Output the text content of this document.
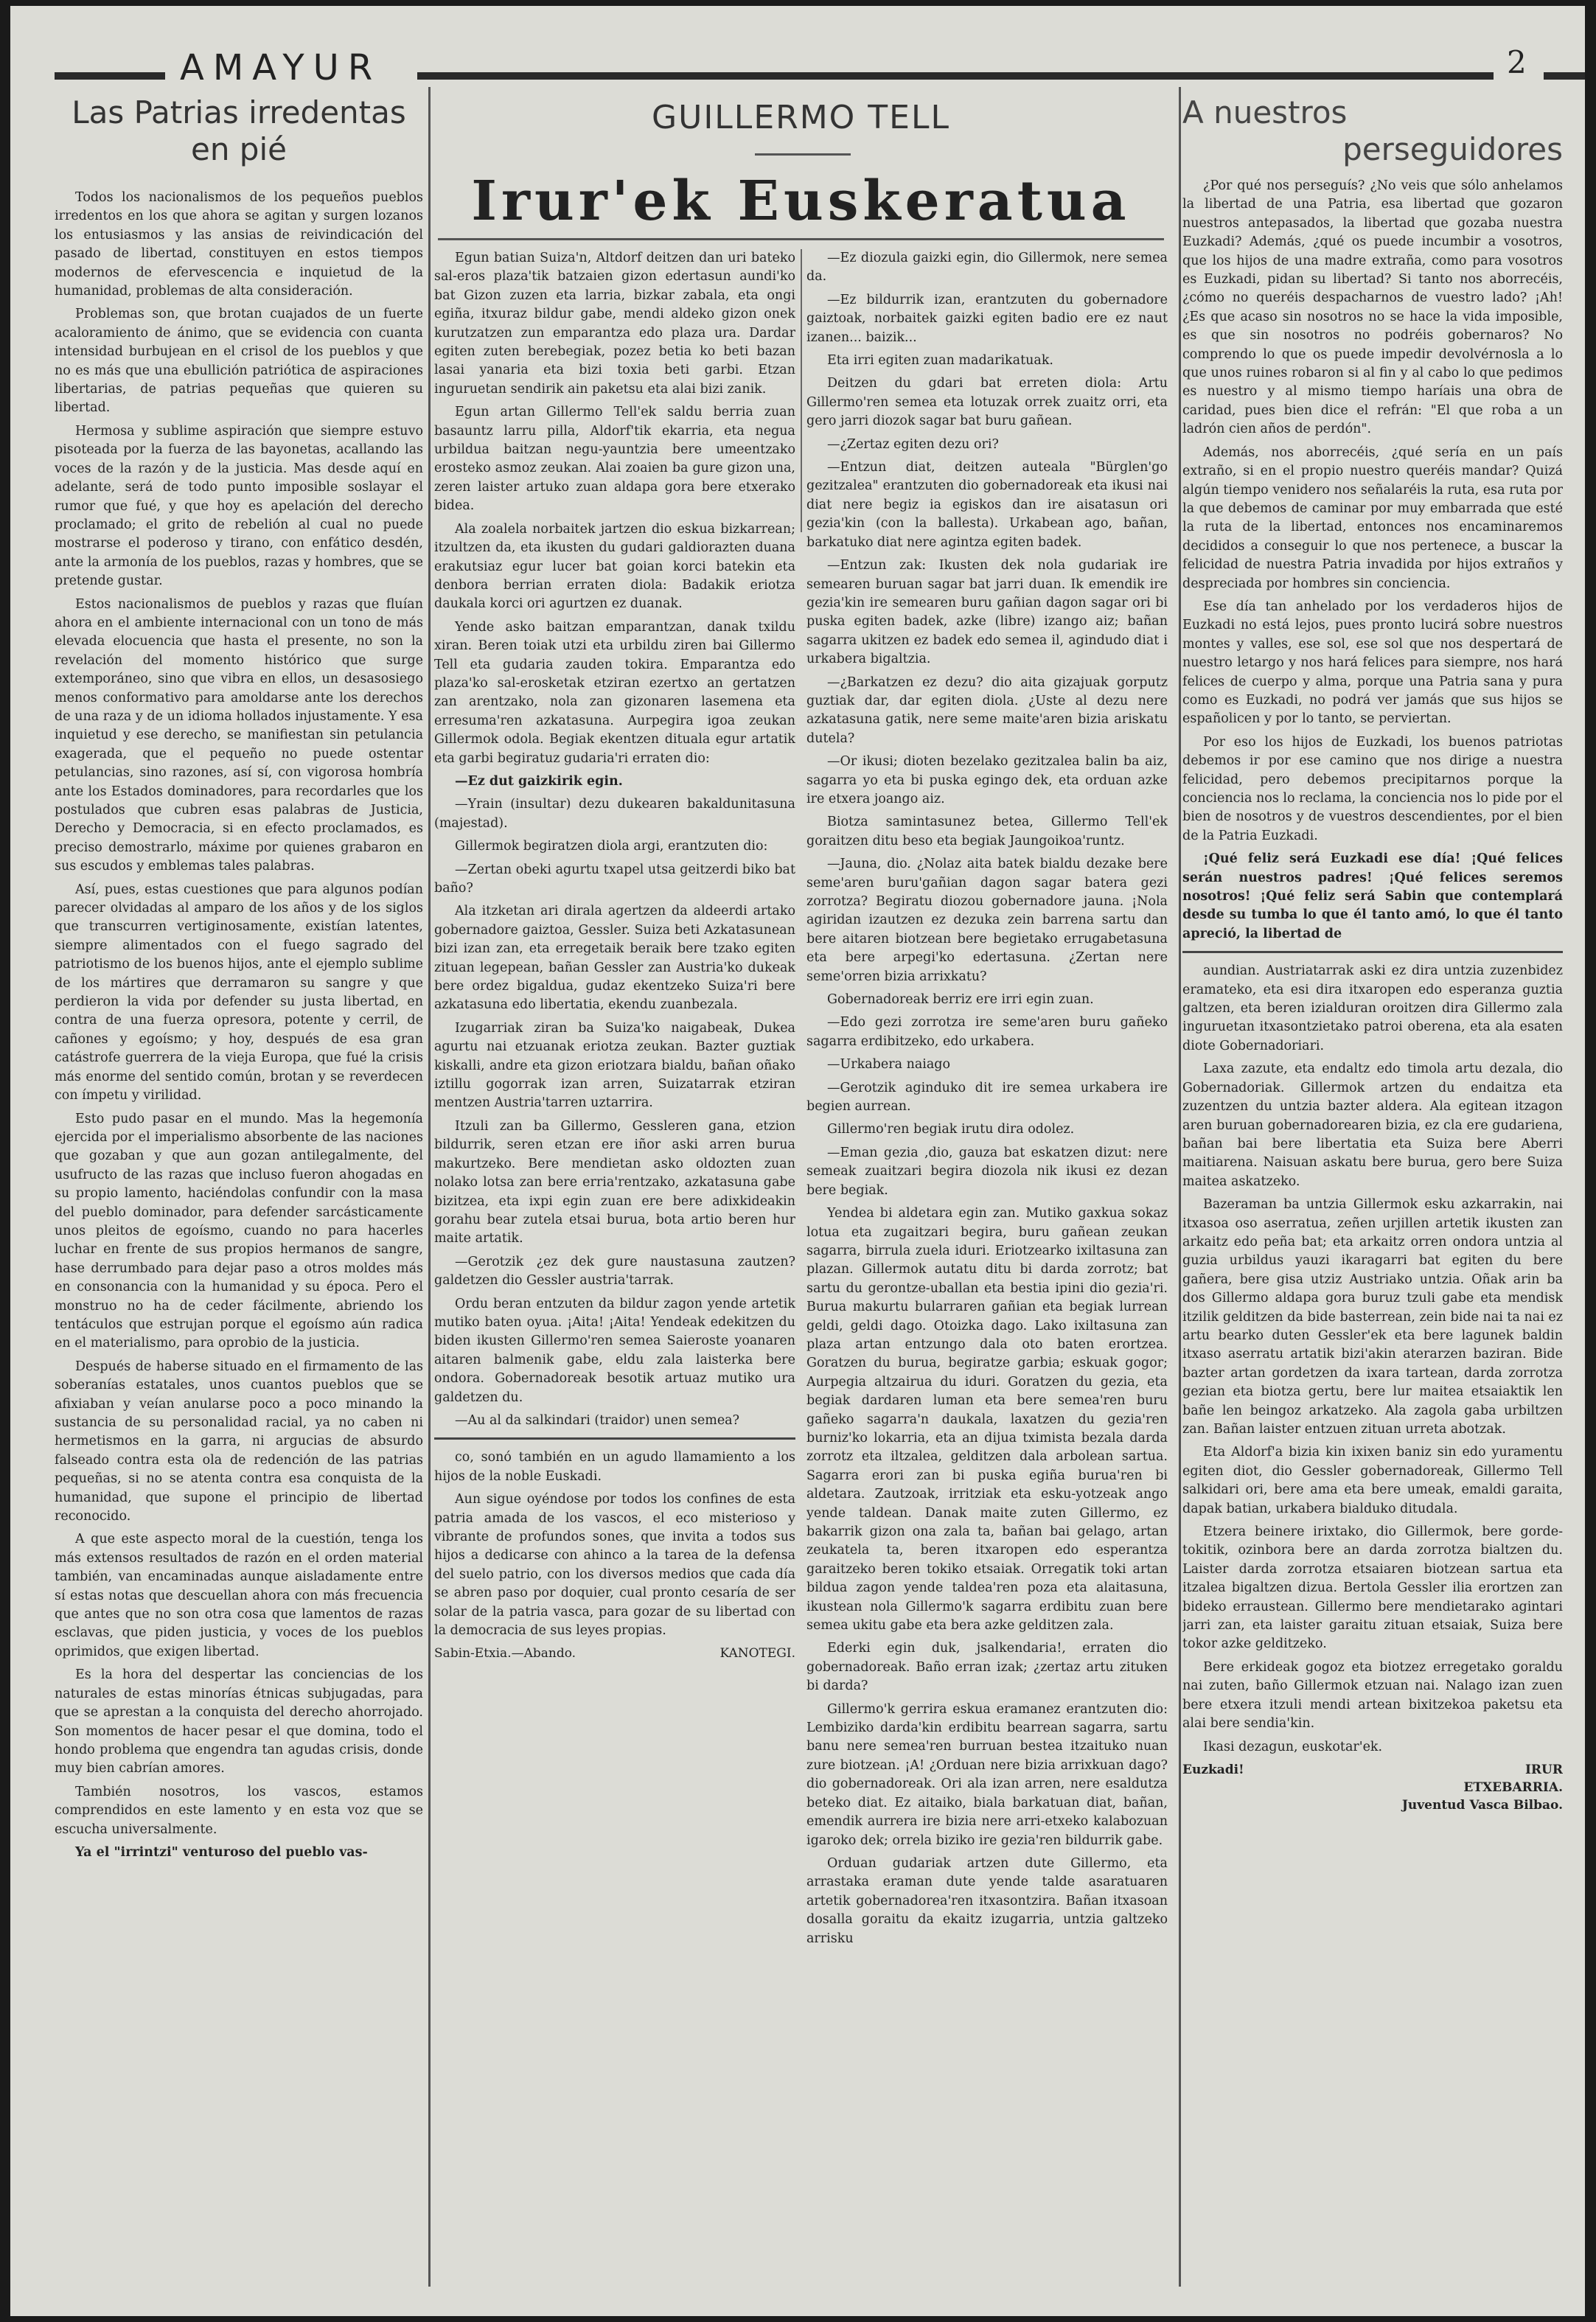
AMAYUR	2
Las Patrias irredentas
en pié

Todos los nacionalismos de los pequeños pueblos irredentos en los que ahora se agitan y surgen lozanos los entusiasmos y las ansias de reivindicación del pasado de libertad, constituyen en estos tiempos modernos de efervescencia e inquietud de la humanidad, problemas de alta consideración.

Problemas son, que brotan cuajados de un fuerte acaloramiento de ánimo, que se evidencia con cuanta intensidad burbujean en el crisol de los pueblos y que no es más que una ebullición patriótica de aspiraciones libertarias, de patrias pequeñas que quieren su libertad.

Hermosa y sublime aspiración que siempre estuvo pisoteada por la fuerza de las bayonetas, acallando las voces de la razón y de la justicia. Mas desde aquí en adelante, será de todo punto imposible soslayar el rumor que fué, y que hoy es apelación del derecho proclamado; el grito de rebelión al cual no puede mostrarse el poderoso y tirano, con enfático desdén, ante la armonía de los pueblos, razas y hombres, que se pretende gustar.

Estos nacionalismos de pueblos y razas que fluían ahora en el ambiente internacional con un tono de más elevada elocuencia que hasta el presente, no son la revelación del momento histórico que surge extemporáneo, sino que vibra en ellos, un desasosiego menos conformativo para amoldarse ante los derechos de una raza y de un idioma hollados injustamente. Y esa inquietud y ese derecho, se manifiestan sin petulancia exagerada, que el pequeño no puede ostentar petulancias, sino razones, así sí, con vigorosa hombría ante los Estados dominadores, para recordarles que los postulados que cubren esas palabras de Justicia, Derecho y Democracia, si en efecto proclamados, es preciso demostrarlo, máxime por quienes grabaron en sus escudos y emblemas tales palabras.

Así, pues, estas cuestiones que para algunos podían parecer olvidadas al amparo de los años y de los siglos que transcurren vertiginosamente, existían latentes, siempre alimentados con el fuego sagrado del patriotismo de los buenos hijos, ante el ejemplo sublime de los mártires que derramaron su sangre y que perdieron la vida por defender su justa libertad, en contra de una fuerza opresora, potente y cerril, de cañones y egoísmo; y hoy, después de esa gran catástrofe guerrera de la vieja Europa, que fué la crisis más enorme del sentido común, brotan y se reverdecen con ímpetu y virilidad.

Esto pudo pasar en el mundo. Mas la hegemonía ejercida por el imperialismo absorbente de las naciones que gozaban y que aun gozan antilegalmente, del usufructo de las razas que incluso fueron ahogadas en su propio lamento, haciéndolas confundir con la masa del pueblo dominador, para defender sarcásticamente unos pleitos de egoísmo, cuando no para hacerles luchar en frente de sus propios hermanos de sangre, hase derrumbado para dejar paso a otros moldes más en consonancia con la humanidad y su época. Pero el monstruo no ha de ceder fácilmente, abriendo los tentáculos que estrujan porque el egoísmo aún radica en el materialismo, para oprobio de la justicia.

Después de haberse situado en el firmamento de las soberanías estatales, unos cuantos pueblos que se afixiaban y veían anularse poco a poco minando la sustancia de su personalidad racial, ya no caben ni hermetismos en la garra, ni argucias de absurdo falseado contra esta ola de redención de las patrias pequeñas, si no se atenta contra esa conquista de la humanidad, que supone el principio de libertad reconocido.

A que este aspecto moral de la cuestión, tenga los más extensos resultados de razón en el orden material también, van encaminadas aunque aisladamente entre sí estas notas que descuellan ahora con más frecuencia que antes que no son otra cosa que lamentos de razas esclavas, que piden justicia, y voces de los pueblos oprimidos, que exigen libertad.

Es la hora del despertar las conciencias de los naturales de estas minorías étnicas subjugadas, para que se aprestan a la conquista del derecho ahorrojado. Son momentos de hacer pesar el que domina, todo el hondo problema que engendra tan agudas crisis, donde muy bien cabrían amores.

También nosotros, los vascos, estamos comprendidos en este lamento y en esta voz que se escucha universalmente.

Ya el "irrintzi" venturoso del pueblo vas-

GUILLERMO TELL
Irur'ek Euskeratua

Egun batian Suiza'n, Altdorf deitzen dan uri bateko sal-eros plaza'tik batzaien gizon edertasun aundi'ko bat Gizon zuzen eta larria, bizkar zabala, eta ongi egiña, itxuraz bildur gabe, mendi aldeko gizon onek kurutzatzen zun emparantza edo plaza ura. Dardar egiten zuten berebegiak, pozez betia ko beti bazan lasai yanaria eta bizi toxia beti garbi. Etzan inguruetan sendirik ain paketsu eta alai bizi zanik.

Egun artan Gillermo Tell'ek saldu berria zuan basauntz larru pilla, Aldorf'tik ekarria, eta negua urbildua baitzan negu-yauntzia bere umeentzako erosteko asmoz zeukan. Alai zoaien ba gure gizon una, zeren laister artuko zuan aldapa gora bere etxerako bidea.

Ala zoalela norbaitek jartzen dio eskua bizkarrean; itzultzen da, eta ikusten du gudari galdiorazten duana erakutsiaz egur lucer bat goian korci batekin eta denbora berrian erraten diola: Badakik eriotza daukala korci ori agurtzen ez duanak.

Yende asko baitzan emparantzan, danak txildu xiran. Beren toiak utzi eta urbildu ziren bai Gillermo Tell eta gudaria zauden tokira. Emparantza edo plaza'ko sal-erosketak etziran ezertxo an gertatzen zan arentzako, nola zan gizonaren lasemena eta erresuma'ren azkatasuna. Aurpegira igoa zeukan Gillermok odola. Begiak ekentzen dituala egur artatik eta garbi begiratuz gudaria'ri erraten dio:

—Ez dut gaizkirik egin.

—Yrain (insultar) dezu dukearen bakaldunitasuna (majestad).

Gillermok begiratzen diola argi, erantzuten dio:

—Zertan obeki agurtu txapel utsa geitzerdi biko bat baño?

Ala itzketan ari dirala agertzen da aldeerdi artako gobernadore gaiztoa, Gessler. Suiza beti Azkatasunean bizi izan zan, eta erregetaik beraik bere tzako egiten zituan legepean, bañan Gessler zan Austria'ko dukeak bere ordez bigaldua, gudaz ekentzeko Suiza'ri bere azkatasuna edo libertatia, ekendu zuanbezala.

Izugarriak ziran ba Suiza'ko naigabeak, Dukea agurtu nai etzuanak eriotza zeukan. Bazter guztiak kiskalli, andre eta gizon eriotzara bialdu, bañan oñako iztillu gogorrak izan arren, Suizatarrak etziran mentzen Austria'tarren uztarrira.

Itzuli zan ba Gillermo, Gessleren gana, etzion bildurrik, seren etzan ere iñor aski arren burua makurtzeko. Bere mendietan asko oldozten zuan nolako lotsa zan bere erria'rentzako, azkatasuna gabe bizitzea, eta ixpi egin zuan ere bere adixkideakin gorahu bear zutela etsai burua, bota artio beren hur maite artatik.

—Gerotzik ¿ez dek gure naustasuna zautzen? galdetzen dio Gessler austria'tarrak.

Ordu beran entzuten da bildur zagon yende artetik mutiko baten oyua. ¡Aita! ¡Aita! Yendeak edekitzen du biden ikusten Gillermo'ren semea Saieroste yoanaren aitaren balmenik gabe, eldu zala laisterka bere ondora. Gobernadoreak besotik artuaz mutiko ura galdetzen du.

—Au al da salkindari (traidor) unen semea?

co, sonó también en un agudo llamamiento a los hijos de la noble Euskadi.

Aun sigue oyéndose por todos los confines de esta patria amada de los vascos, el eco misterioso y vibrante de profundos sones, que invita a todos sus hijos a dedicarse con ahinco a la tarea de la defensa del suelo patrio, con los diversos medios que cada día se abren paso por doquier, cual pronto cesaría de ser solar de la patria vasca, para gozar de su libertad con la democracia de sus leyes propias.

Sabin-Etxia.—Abando.	KANOTEGI.

—Ez diozula gaizki egin, dio Gillermok, nere semea da.

—Ez bildurrik izan, erantzuten du gobernadore gaiztoak, norbaitek gaizki egiten badio ere ez naut izanen... baizik...

Eta irri egiten zuan madarikatuak.

Deitzen du gdari bat erreten diola: Artu Gillermo'ren semea eta lotuzak orrek zuaitz orri, eta gero jarri diozok sagar bat buru gañean.

—¿Zertaz egiten dezu ori?

—Entzun diat, deitzen auteala "Bürglen'go gezitzalea" erantzuten dio gobernadoreak eta ikusi nai diat nere begiz ia egiskos dan ire aisatasun ori gezia'kin (con la ballesta). Urkabean ago, bañan, barkatuko diat nere agintza egiten badek.

—Entzun zak: Ikusten dek nola gudariak ire semearen buruan sagar bat jarri duan. Ik emendik ire gezia'kin ire semearen buru gañian dagon sagar ori bi puska egiten badek, azke (libre) izango aiz; bañan sagarra ukitzen ez badek edo semea il, agindudo diat i urkabera bigaltzia.

—¿Barkatzen ez dezu? dio aita gizajuak gorputz guztiak dar, dar egiten diola. ¿Uste al dezu nere azkatasuna gatik, nere seme maite'aren bizia ariskatu dutela?

—Or ikusi; dioten bezelako gezitzalea balin ba aiz, sagarra yo eta bi puska egingo dek, eta orduan azke ire etxera joango aiz.

Biotza samintasunez betea, Gillermo Tell'ek goraitzen ditu beso eta begiak Jaungoikoa'runtz.

—Jauna, dio. ¿Nolaz aita batek bialdu dezake bere seme'aren buru'gañian dagon sagar batera gezi zorrotza? Begiratu diozou gobernadore jauna. ¡Nola agiridan izautzen ez dezuka zein barrena sartu dan bere aitaren biotzean bere begietako errugabetasuna eta bere arpegi'ko edertasuna. ¿Zertan nere seme'orren bizia arrixkatu?

Gobernadoreak berriz ere irri egin zuan.

—Edo gezi zorrotza ire seme'aren buru gañeko sagarra erdibitzeko, edo urkabera.

—Urkabera naiago

—Gerotzik aginduko dit ire semea urkabera ire begien aurrean.

Gillermo'ren begiak irutu dira odolez.

—Eman gezia ,dio, gauza bat eskatzen dizut: nere semeak zuaitzari begira diozola nik ikusi ez dezan bere begiak.

Yendea bi aldetara egin zan. Mutiko gaxkua sokaz lotua eta zugaitzari begira, buru gañean zeukan sagarra, birrula zuela iduri. Eriotzearko ixiltasuna zan plazan. Gillermok autatu ditu bi darda zorrotz; bat sartu du gerontze-uballan eta bestia ipini dio gezia'ri. Burua makurtu bularraren gañian eta begiak lurrean geldi, geldi dago. Otoizka dago. Lako ixiltasuna zan plaza artan entzungo dala oto baten erortzea. Goratzen du burua, begiratze garbia; eskuak gogor; Aurpegia altzairua du iduri. Goratzen du gezia, eta begiak dardaren luman eta bere semea'ren buru gañeko sagarra'n daukala, laxatzen du gezia'ren burniz'ko lokarria, eta an dijua tximista bezala darda zorrotz eta iltzalea, gelditzen dala arbolean sartua. Sagarra erori zan bi puska egiña burua'ren bi aldetara. Zautzoak, irritziak eta esku-yotzeak ango yende taldean. Danak maite zuten Gillermo, ez bakarrik gizon ona zala ta, bañan bai gelago, artan zeukatela ta, beren itxaropen edo esperantza garaitzeko beren tokiko etsaiak. Orregatik toki artan bildua zagon yende taldea'ren poza eta alaitasuna, ikustean nola Gillermo'k sagarra erdibitu zuan bere semea ukitu gabe eta bera azke gelditzen zala.

Ederki egin duk, jsalkendaria!, erraten dio gobernadoreak. Baño erran izak; ¿zertaz artu zituken bi darda?

Gillermo'k gerrira eskua eramanez erantzuten dio: Lembiziko darda'kin erdibitu bearrean sagarra, sartu banu nere semea'ren burruan bestea itzaituko nuan zure biotzean. ¡A! ¿Orduan nere bizia arrixkuan dago? dio gobernadoreak. Ori ala izan arren, nere esaldutza beteko diat. Ez aitaiko, biala barkatuan diat, bañan, emendik aurrera ire bizia nere arri-etxeko kalabozuan igaroko dek; orrela biziko ire gezia'ren bildurrik gabe.

Orduan gudariak artzen dute Gillermo, eta arrastaka eraman dute yende talde asaratuaren artetik gobernadorea'ren itxasontzira. Bañan itxasoan dosalla goraitu da ekaitz izugarria, untzia galtzeko arrisku

A nuestros
perseguidores

¿Por qué nos perseguís? ¿No veis que sólo anhelamos la libertad de una Patria, esa libertad que gozaron nuestros antepasados, la libertad que gozaba nuestra Euzkadi? Además, ¿qué os puede incumbir a vosotros, que los hijos de una madre extraña, como para vosotros es Euzkadi, pidan su libertad? Si tanto nos aborrecéis, ¿cómo no queréis despacharnos de vuestro lado? ¡Ah! ¿Es que acaso sin nosotros no se hace la vida imposible, es que sin nosotros no podréis gobernaros? No comprendo lo que os puede impedir devolvérnosla a lo que unos ruines robaron si al fin y al cabo lo que pedimos es nuestro y al mismo tiempo haríais una obra de caridad, pues bien dice el refrán: "El que roba a un ladrón cien años de perdón".

Además, nos aborrecéis, ¿qué sería en un país extraño, si en el propio nuestro queréis mandar? Quizá algún tiempo venidero nos señalaréis la ruta, esa ruta por la que debemos de caminar por muy embarrada que esté la ruta de la libertad, entonces nos encaminaremos decididos a conseguir lo que nos pertenece, a buscar la felicidad de nuestra Patria invadida por hijos extraños y despreciada por hombres sin conciencia.

Ese día tan anhelado por los verdaderos hijos de Euzkadi no está lejos, pues pronto lucirá sobre nuestros montes y valles, ese sol, ese sol que nos despertará de nuestro letargo y nos hará felices para siempre, nos hará felices de cuerpo y alma, porque una Patria sana y pura como es Euzkadi, no podrá ver jamás que sus hijos se españolicen y por lo tanto, se perviertan.

Por eso los hijos de Euzkadi, los buenos patriotas debemos ir por ese camino que nos dirige a nuestra felicidad, pero debemos precipitarnos porque la conciencia nos lo reclama, la conciencia nos lo pide por el bien de nosotros y de vuestros descendientes, por el bien de la Patria Euzkadi.

¡Qué feliz será Euzkadi ese día! ¡Qué felices serán nuestros padres! ¡Qué felices seremos nosotros! ¡Qué feliz será Sabin que contemplará desde su tumba lo que él tanto amó, lo que él tanto apreció, la libertad de

aundian. Austriatarrak aski ez dira untzia zuzenbidez eramateko, eta esi dira itxaropen edo esperanza guztia galtzen, eta beren izialduran oroitzen dira Gillermo zala inguruetan itxasontzietako patroi oberena, eta ala esaten diote Gobernadoriari.

Laxa zazute, eta endaltz edo timola artu dezala, dio Gobernadoriak. Gillermok artzen du endaitza eta zuzentzen du untzia bazter aldera. Ala egitean itzagon aren buruan gobernadorearen bizia, ez cla ere gudariena, bañan bai bere libertatia eta Suiza bere Aberri maitiarena. Naisuan askatu bere burua, gero bere Suiza maitea askatzeko.

Bazeraman ba untzia Gillermok esku azkarrakin, nai itxasoa oso aserratua, zeñen urjillen artetik ikusten zan arkaitz edo peña bat; eta arkaitz orren ondora untzia al guzia urbildus yauzi ikaragarri bat egiten du bere gañera, bere gisa utziz Austriako untzia. Oñak arin ba dos Gillermo aldapa gora buruz tzuli gabe eta mendisk itzilik gelditzen da bide basterrean, zein bide nai ta nai ez artu bearko duten Gessler'ek eta bere lagunek baldin itxaso aserratu artatik bizi'akin aterarzen baziran. Bide bazter artan gordetzen da ixara tartean, darda zorrotza gezian eta biotza gertu, bere lur maitea etsaiaktik len bañe len beingoz arkatzeko. Ala zagola gaba urbiltzen zan. Bañan laister entzuen zituan urreta abotzak.

Eta Aldorf'a bizia kin ixixen baniz sin edo yuramentu egiten diot, dio Gessler gobernadoreak, Gillermo Tell salkidari ori, bere ama eta bere umeak, emaldi garaita, dapak batian, urkabera bialduko ditudala.

Etzera beinere irixtako, dio Gillermok, bere gorde-tokitik, ozinbora bere an darda zorrotza bialtzen du. Laister darda zorrotza etsaiaren biotzean sartua eta itzalea bigaltzen dizua. Bertola Gessler ilia erortzen zan bideko erraustean. Gillermo bere mendietarako agintari jarri zan, eta laister garaitu zituan etsaiak, Suiza bere tokor azke gelditzeko.

Bere erkideak gogoz eta biotzez erregetako goraldu nai zuten, baño Gillermok etzuan nai. Nalago izan zuen bere etxera itzuli mendi artean bixitzekoa paketsu eta alai bere sendia'kin.

Ikasi dezagun, euskotar'ek.

Euzkadi!	IRUR
ETXEBARRIA.
Juventud Vasca Bilbao.
